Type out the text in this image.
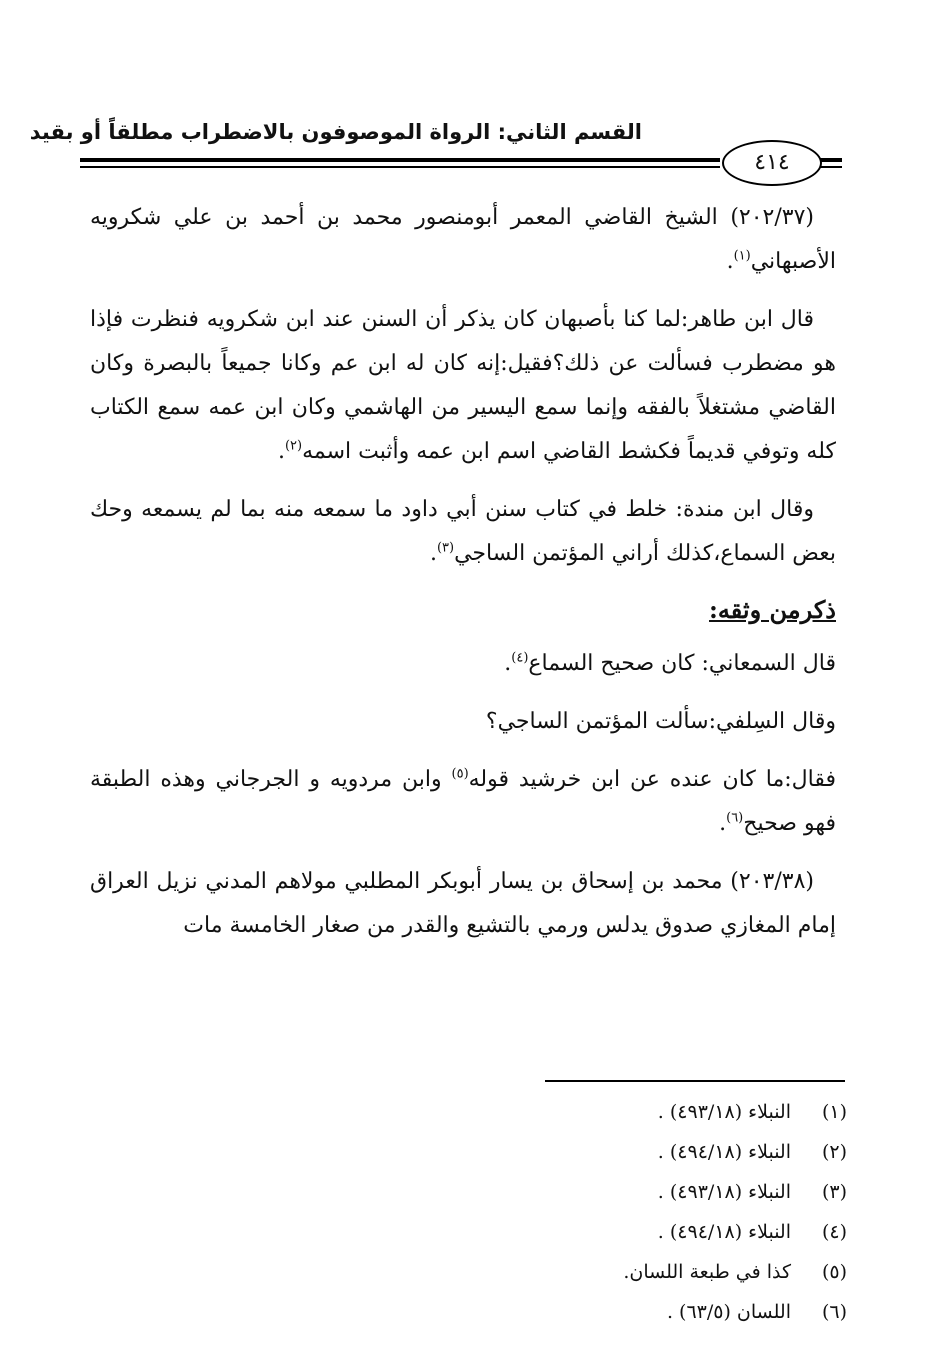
القسم الثاني: الرواة الموصوفون بالاضطراب مطلقاً أو بقيد
٤١٤

(٢٠٢/٣٧) الشيخ القاضي المعمر أبومنصور محمد بن أحمد بن علي شكرويه الأصبهاني$^{(١)}$.

قال ابن طاهر:لما كنا بأصبهان كان يذكر أن السنن عند ابن شكرويه فنظرت فإذا هو مضطرب فسألت عن ذلك؟فقيل:إنه كان له ابن عم وكانا جميعاً بالبصرة وكان القاضي مشتغلاً بالفقه وإنما سمع اليسير من الهاشمي وكان ابن عمه سمع الكتاب كله وتوفي قديماً فكشط القاضي اسم ابن عمه وأثبت اسمه$^{(٢)}$.

وقال ابن مندة: خلط في كتاب سنن أبي داود ما سمعه منه بما لم يسمعه وحك بعض السماع،كذلك أراني المؤتمن الساجي$^{(٣)}$.

ذكرمن وثقه:

قال السمعاني: كان صحيح السماع$^{(٤)}$.

وقال السِلفي:سألت المؤتمن الساجي؟

فقال:ما كان عنده عن ابن خرشيد قوله$^{(٥)}$ وابن مردويه و الجرجاني وهذه الطبقة فهو صحيح$^{(٦)}$.

(٢٠٣/٣٨) محمد بن إسحاق بن يسار أبوبكر المطلبي مولاهم المدني نزيل العراق إمام المغازي صدوق يدلس ورمي بالتشيع والقدر من صغار الخامسة مات

(١)
النبلاء (٤٩٣/١٨) .
(٢)
النبلاء (٤٩٤/١٨) .
(٣)
النبلاء (٤٩٣/١٨) .
(٤)
النبلاء (٤٩٤/١٨) .
(٥)
كذا في طبعة اللسان.
(٦)
اللسان (٦٣/٥) .
